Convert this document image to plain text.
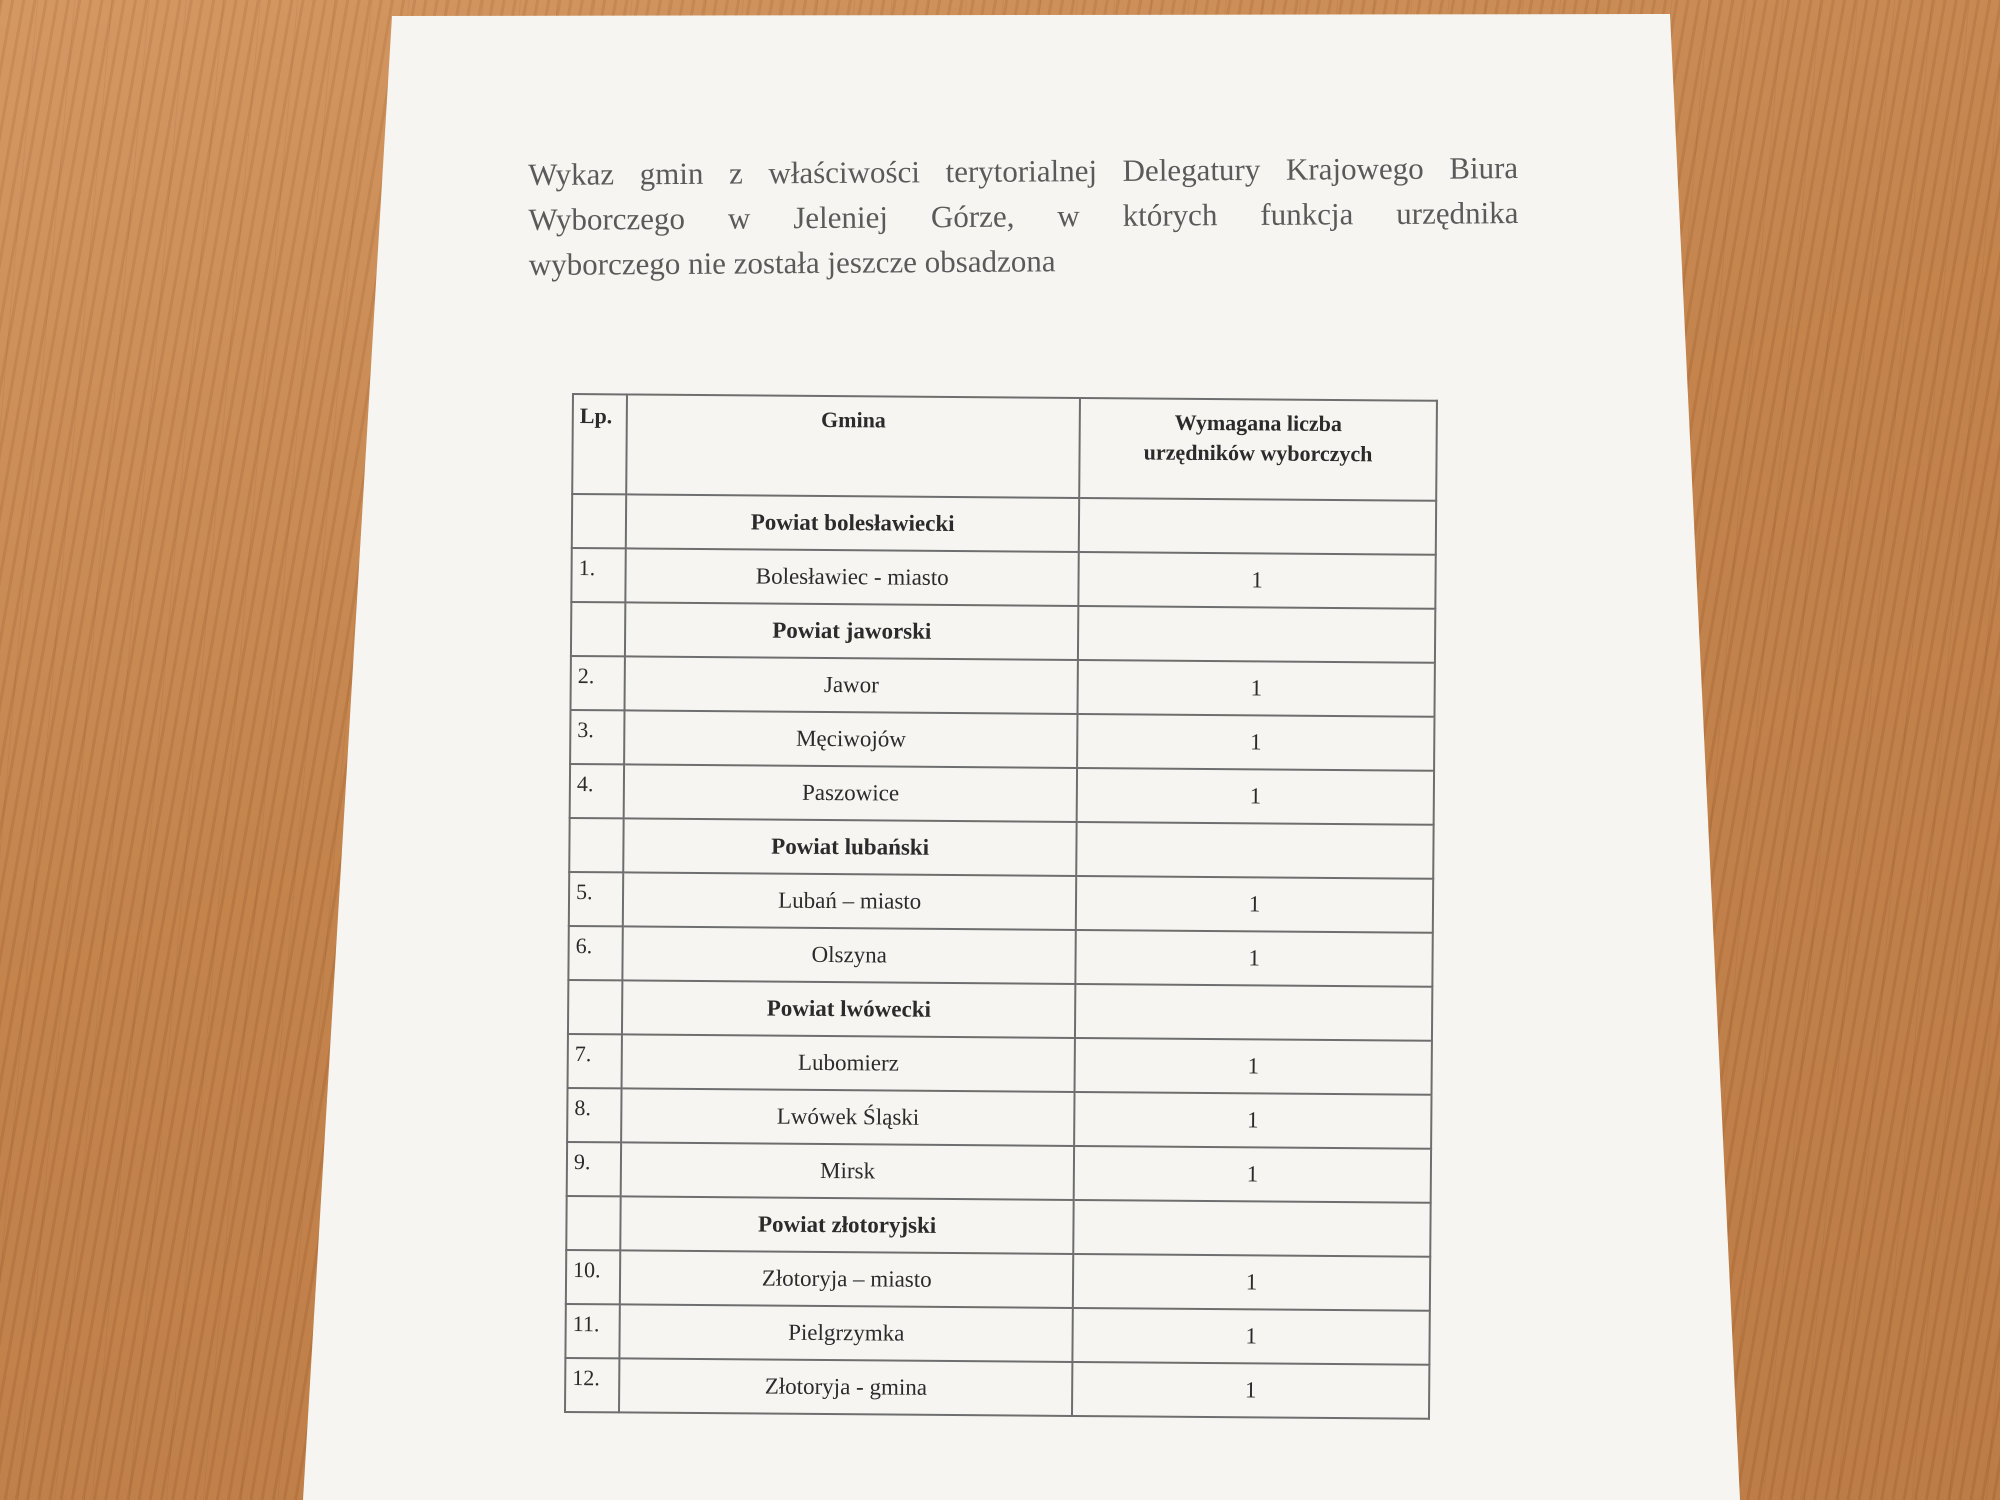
Wykaz gmin z właściwości terytorialnej Delegatury Krajowego Biura
Wyborczego w Jeleniej Górze, w których funkcja urzędnika
wyborczego nie została jeszcze obsadzona
Lp.	Gmina	Wymagana liczba
urzędników wyborczych
	Powiat bolesławiecki	
1.	Bolesławiec - miasto	1
	Powiat jaworski	
2.	Jawor	1
3.	Męciwojów	1
4.	Paszowice	1
	Powiat lubański	
5.	Lubań – miasto	1
6.	Olszyna	1
	Powiat lwówecki	
7.	Lubomierz	1
8.	Lwówek Śląski	1
9.	Mirsk	1
	Powiat złotoryjski	
10.	Złotoryja – miasto	1
11.	Pielgrzymka	1
12.	Złotoryja - gmina	1
